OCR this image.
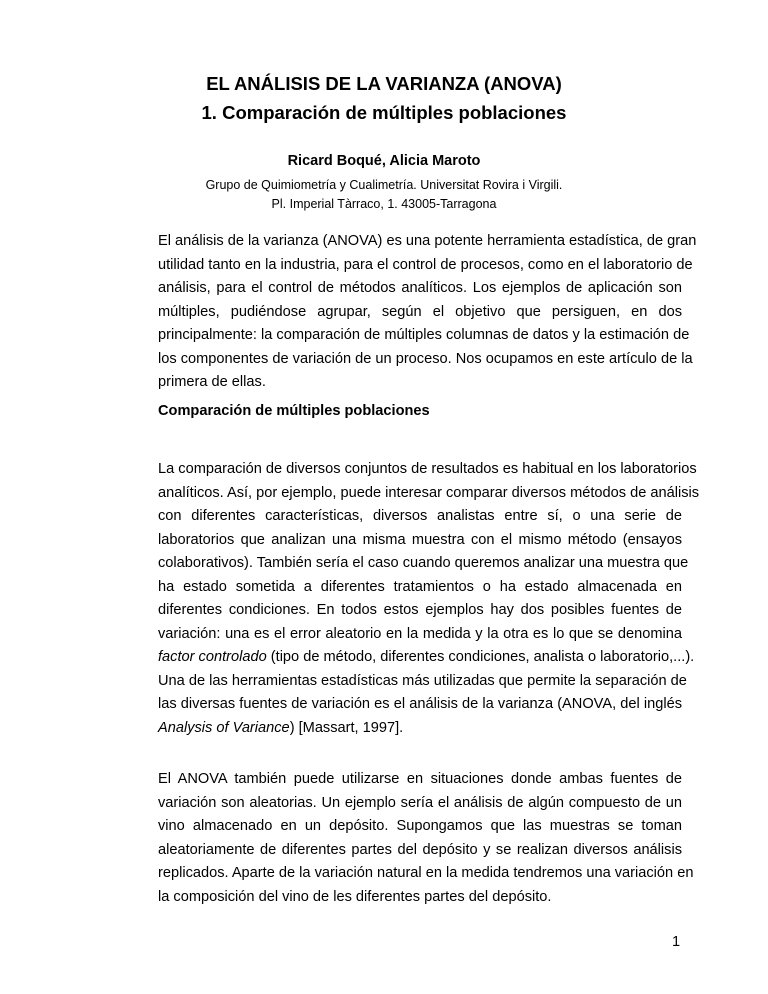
EL ANÁLISIS DE LA VARIANZA (ANOVA)
1. Comparación de múltiples poblaciones
Ricard Boqué, Alicia Maroto
Grupo de Quimiometría y Cualimetría. Universitat Rovira i Virgili.
Pl. Imperial Tàrraco, 1. 43005-Tarragona
El análisis de la varianza (ANOVA) es una potente herramienta estadística, de gran
utilidad tanto en la industria, para el control de procesos, como en el laboratorio de
análisis, para el control de métodos analíticos. Los ejemplos de aplicación son
múltiples, pudiéndose agrupar, según el objetivo que persiguen, en dos
principalmente: la comparación de múltiples columnas de datos y la estimación de
los componentes de variación de un proceso. Nos ocupamos en este artículo de la
primera de ellas.
Comparación de múltiples poblaciones
La comparación de diversos conjuntos de resultados es habitual en los laboratorios
analíticos. Así, por ejemplo, puede interesar comparar diversos métodos de análisis
con diferentes características, diversos analistas entre sí, o una serie de
laboratorios que analizan una misma muestra con el mismo método (ensayos
colaborativos). También sería el caso cuando queremos analizar una muestra que
ha estado sometida a diferentes tratamientos o ha estado almacenada en
diferentes condiciones. En todos estos ejemplos hay dos posibles fuentes de
variación: una es el error aleatorio en la medida y la otra es lo que se denomina
factor controlado (tipo de método, diferentes condiciones, analista o laboratorio,...).
Una de las herramientas estadísticas más utilizadas que permite la separación de
las diversas fuentes de variación es el análisis de la varianza (ANOVA, del inglés
Analysis of Variance) [Massart, 1997].
El ANOVA también puede utilizarse en situaciones donde ambas fuentes de
variación son aleatorias. Un ejemplo sería el análisis de algún compuesto de un
vino almacenado en un depósito. Supongamos que las muestras se toman
aleatoriamente de diferentes partes del depósito y se realizan diversos análisis
replicados. Aparte de la variación natural en la medida tendremos una variación en
la composición del vino de les diferentes partes del depósito.
1
